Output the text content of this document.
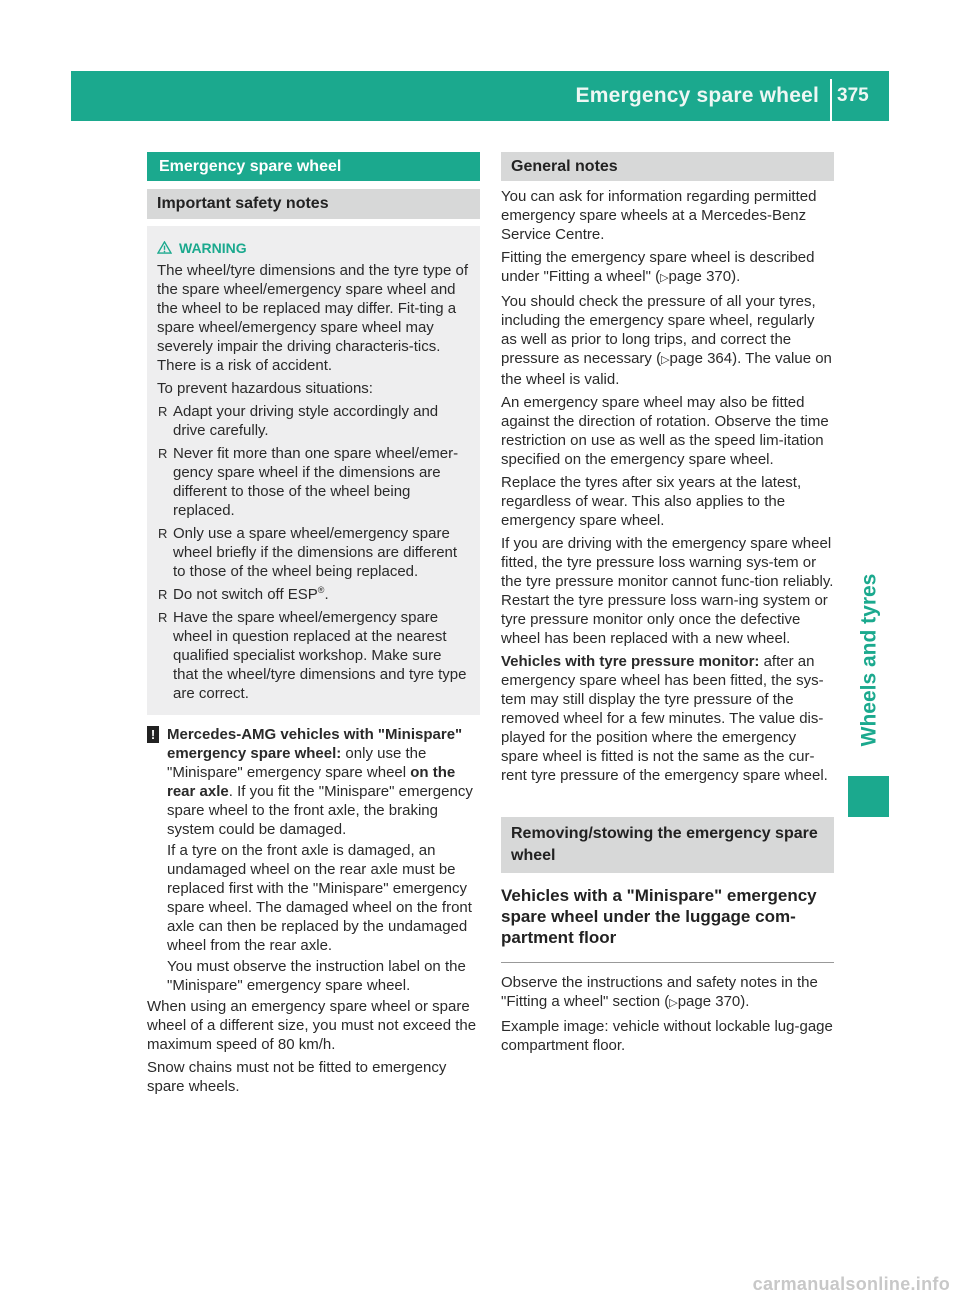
Emergency spare wheel 375
Wheels and tyres
Emergency spare wheel
Important safety notes
WARNING

The wheel/tyre dimensions and the tyre type of the spare wheel/emergency spare wheel and the wheel to be replaced may differ. Fit-ting a spare wheel/emergency spare wheel may severely impair the driving characteris-tics. There is a risk of accident.

To prevent hazardous situations:

R Adapt your driving style accordingly and drive carefully.
R Never fit more than one spare wheel/emer-gency spare wheel if the dimensions are different to those of the wheel being replaced.
R Only use a spare wheel/emergency spare wheel briefly if the dimensions are different to those of the wheel being replaced.
R Do not switch off ESP®.
R Have the spare wheel/emergency spare wheel in question replaced at the nearest qualified specialist workshop. Make sure that the wheel/tyre dimensions and tyre type are correct.
! Mercedes-AMG vehicles with "Minispare" emergency spare wheel: only use the "Minispare" emergency spare wheel on the rear axle. If you fit the "Minispare" emergency spare wheel to the front axle, the braking system could be damaged.

If a tyre on the front axle is damaged, an undamaged wheel on the rear axle must be replaced first with the "Minispare" emergency spare wheel. The damaged wheel on the front axle can then be replaced by the undamaged wheel from the rear axle.

You must observe the instruction label on the "Minispare" emergency spare wheel.

When using an emergency spare wheel or spare wheel of a different size, you must not exceed the maximum speed of 80 km/h.

Snow chains must not be fitted to emergency spare wheels.

General notes

You can ask for information regarding permitted emergency spare wheels at a Mercedes-Benz Service Centre.

Fitting the emergency spare wheel is described under "Fitting a wheel" (▷page 370).

You should check the pressure of all your tyres, including the emergency spare wheel, regularly as well as prior to long trips, and correct the pressure as necessary (▷page 364). The value on the wheel is valid.

An emergency spare wheel may also be fitted against the direction of rotation. Observe the time restriction on use as well as the speed lim-itation specified on the emergency spare wheel.

Replace the tyres after six years at the latest, regardless of wear. This also applies to the emergency spare wheel.

If you are driving with the emergency spare wheel fitted, the tyre pressure loss warning sys-tem or the tyre pressure monitor cannot func-tion reliably. Restart the tyre pressure loss warn-ing system or tyre pressure monitor only once the defective wheel has been replaced with a new wheel.

Vehicles with tyre pressure monitor: after an emergency spare wheel has been fitted, the sys-tem may still display the tyre pressure of the removed wheel for a few minutes. The value dis-played for the position where the emergency spare wheel is fitted is not the same as the cur-rent tyre pressure of the emergency spare wheel.

Removing/stowing the emergency spare wheel
Vehicles with a "Minispare" emergency spare wheel under the luggage com-partment floor

Observe the instructions and safety notes in the "Fitting a wheel" section (▷page 370).

Example image: vehicle without lockable lug-gage compartment floor.

carmanualsonline.info
